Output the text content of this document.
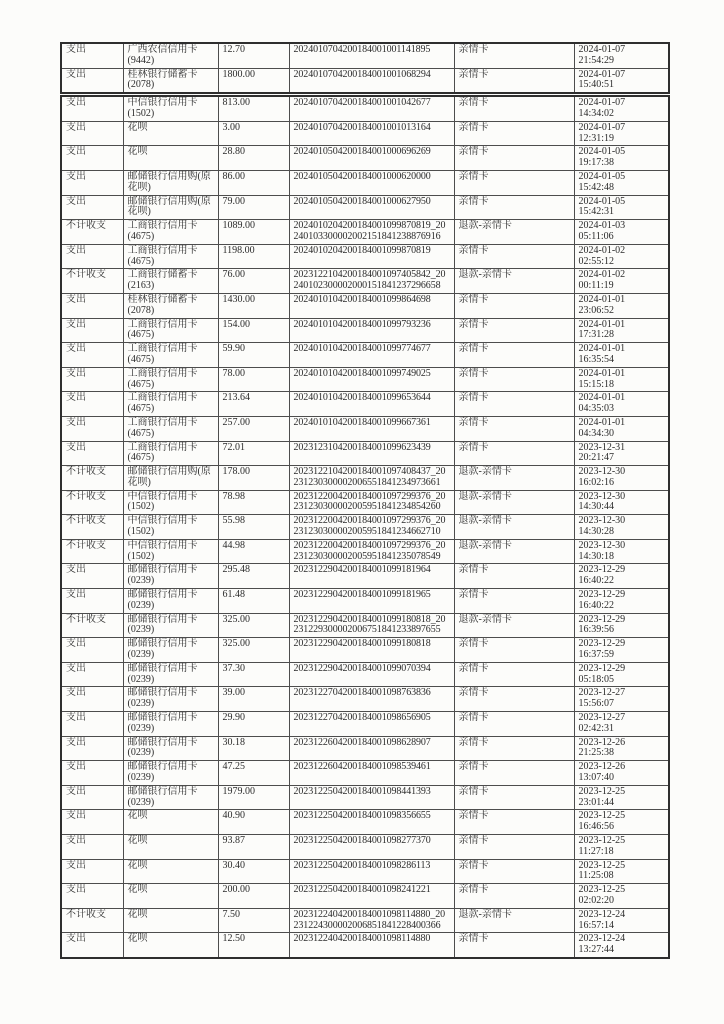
支出	广西农信信用卡(9442)	12.70	2024010704200184001001141895	亲情卡	2024-01-07
21:54:29

支出	桂林银行储蓄卡(2078)	1800.00	2024010704200184001001068294	亲情卡	2024-01-07
15:40:51
支出	中信银行信用卡(1502)	813.00	2024010704200184001001042677	亲情卡	2024-01-07
14:34:02

支出	花呗	3.00	2024010704200184001001013164	亲情卡	2024-01-07
12:31:19

支出	花呗	28.80	2024010504200184001000696269	亲情卡	2024-01-05
19:17:38

支出	邮储银行信用购(原花呗)	86.00	2024010504200184001000620000	亲情卡	2024-01-05
15:42:48

支出	邮储银行信用购(原花呗)	79.00	2024010504200184001000627950	亲情卡	2024-01-05
15:42:31

不计收支	工商银行信用卡(4675)	1089.00	2024010204200184001099870819_20240103300002002151841238876916	退款-亲情卡	2024-01-03
05:11:06

支出	工商银行信用卡(4675)	1198.00	2024010204200184001099870819	亲情卡	2024-01-02
02:55:12

不计收支	工商银行储蓄卡(2163)	76.00	2023122104200184001097405842_20240102300002000151841237296658	退款-亲情卡	2024-01-02
00:11:19

支出	桂林银行储蓄卡(2078)	1430.00	2024010104200184001099864698	亲情卡	2024-01-01
23:06:52

支出	工商银行信用卡(4675)	154.00	2024010104200184001099793236	亲情卡	2024-01-01
17:31:28

支出	工商银行信用卡(4675)	59.90	2024010104200184001099774677	亲情卡	2024-01-01
16:35:54

支出	工商银行信用卡(4675)	78.00	2024010104200184001099749025	亲情卡	2024-01-01
15:15:18

支出	工商银行信用卡(4675)	213.64	2024010104200184001099653644	亲情卡	2024-01-01
04:35:03

支出	工商银行信用卡(4675)	257.00	2024010104200184001099667361	亲情卡	2024-01-01
04:34:30

支出	工商银行信用卡(4675)	72.01	2023123104200184001099623439	亲情卡	2023-12-31
20:21:47

不计收支	邮储银行信用购(原花呗)	178.00	2023122104200184001097408437_20231230300002006551841234973661	退款-亲情卡	2023-12-30
16:02:16

不计收支	中信银行信用卡(1502)	78.98	2023122004200184001097299376_20231230300002005951841234854260	退款-亲情卡	2023-12-30
14:30:44

不计收支	中信银行信用卡(1502)	55.98	2023122004200184001097299376_20231230300002005951841234662710	退款-亲情卡	2023-12-30
14:30:28

不计收支	中信银行信用卡(1502)	44.98	2023122004200184001097299376_20231230300002005951841235078549	退款-亲情卡	2023-12-30
14:30:18

支出	邮储银行信用卡(0239)	295.48	2023122904200184001099181964	亲情卡	2023-12-29
16:40:22

支出	邮储银行信用卡(0239)	61.48	2023122904200184001099181965	亲情卡	2023-12-29
16:40:22

不计收支	邮储银行信用卡(0239)	325.00	2023122904200184001099180818_20231229300002006751841233897655	退款-亲情卡	2023-12-29
16:39:56

支出	邮储银行信用卡(0239)	325.00	2023122904200184001099180818	亲情卡	2023-12-29
16:37:59

支出	邮储银行信用卡(0239)	37.30	2023122904200184001099070394	亲情卡	2023-12-29
05:18:05

支出	邮储银行信用卡(0239)	39.00	2023122704200184001098763836	亲情卡	2023-12-27
15:56:07

支出	邮储银行信用卡(0239)	29.90	2023122704200184001098656905	亲情卡	2023-12-27
02:42:31

支出	邮储银行信用卡(0239)	30.18	2023122604200184001098628907	亲情卡	2023-12-26
21:25:38

支出	邮储银行信用卡(0239)	47.25	2023122604200184001098539461	亲情卡	2023-12-26
13:07:40

支出	邮储银行信用卡(0239)	1979.00	2023122504200184001098441393	亲情卡	2023-12-25
23:01:44

支出	花呗	40.90	2023122504200184001098356655	亲情卡	2023-12-25
16:46:56

支出	花呗	93.87	2023122504200184001098277370	亲情卡	2023-12-25
11:27:18

支出	花呗	30.40	2023122504200184001098286113	亲情卡	2023-12-25
11:25:08

支出	花呗	200.00	2023122504200184001098241221	亲情卡	2023-12-25
02:02:20

不计收支	花呗	7.50	2023122404200184001098114880_20231224300002006851841228400366	退款-亲情卡	2023-12-24
16:57:14

支出	花呗	12.50	2023122404200184001098114880	亲情卡	2023-12-24
13:27:44
